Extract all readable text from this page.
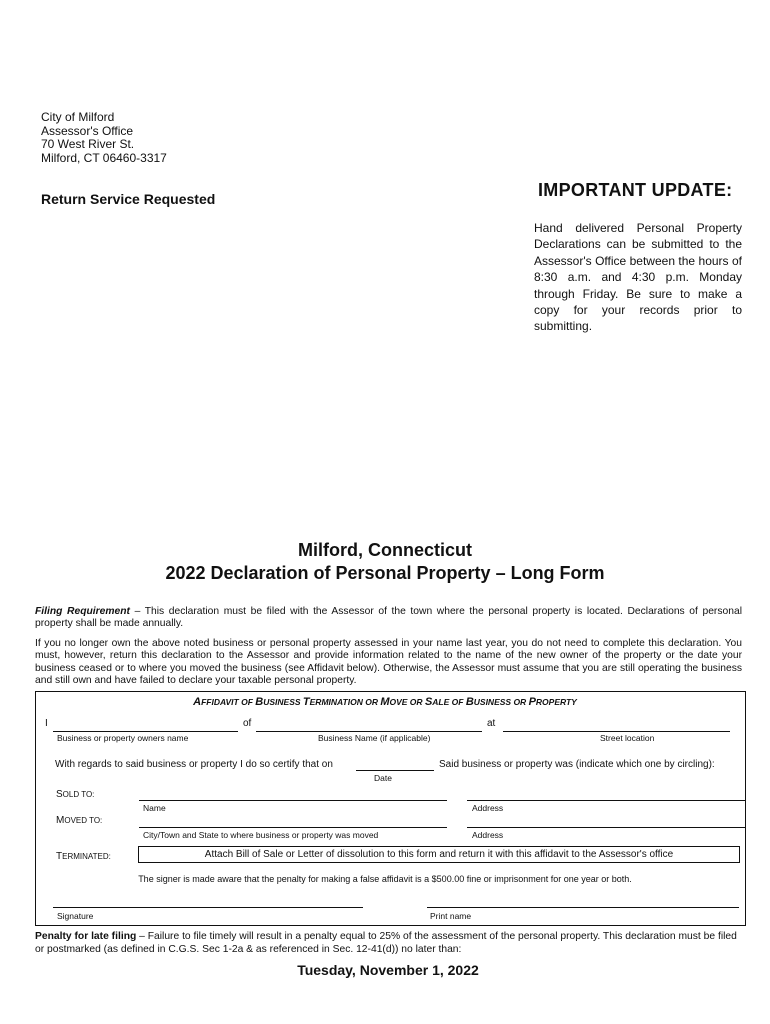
City of Milford
Assessor's Office
70 West River St.
Milford, CT 06460-3317
Return Service Requested	IMPORTANT UPDATE:
Hand delivered Personal Property Declarations can be submitted to the Assessor's Office between the hours of 8:30 a.m. and 4:30 p.m. Monday through Friday. Be sure to make a copy for your records prior to submitting.
Milford, Connecticut
2022 Declaration of Personal Property – Long Form
Filing Requirement – This declaration must be filed with the Assessor of the town where the personal property is located. Declarations of personal property shall be made annually.
If you no longer own the above noted business or personal property assessed in your name last year, you do not need to complete this declaration. You must, however, return this declaration to the Assessor and provide information related to the name of the new owner of the property or the date your business ceased or to where you moved the business (see Affidavit below). Otherwise, the Assessor must assume that you are still operating the business and still own and have failed to declare your taxable personal property.
AFFIDAVIT OF BUSINESS TERMINATION OR MOVE OR SALE OF BUSINESS OR PROPERTY
I	of	at
Business or property owners name	Business Name (if applicable)	Street location
With regards to said business or property I do so certify that on	Said business or property was (indicate which one by circling):
Date
SOLD TO:
Name	Address
MOVED TO:
City/Town and State to where business or property was moved	Address
TERMINATED:	Attach Bill of Sale or Letter of dissolution to this form and return it with this affidavit to the Assessor's office
The signer is made aware that the penalty for making a false affidavit is a $500.00 fine or imprisonment for one year or both.
Signature	Print name
Penalty for late filing – Failure to file timely will result in a penalty equal to 25% of the assessment of the personal property. This declaration must be filed or postmarked (as defined in C.G.S. Sec 1-2a & as referenced in Sec. 12-41(d)) no later than:
Tuesday, November 1, 2022
